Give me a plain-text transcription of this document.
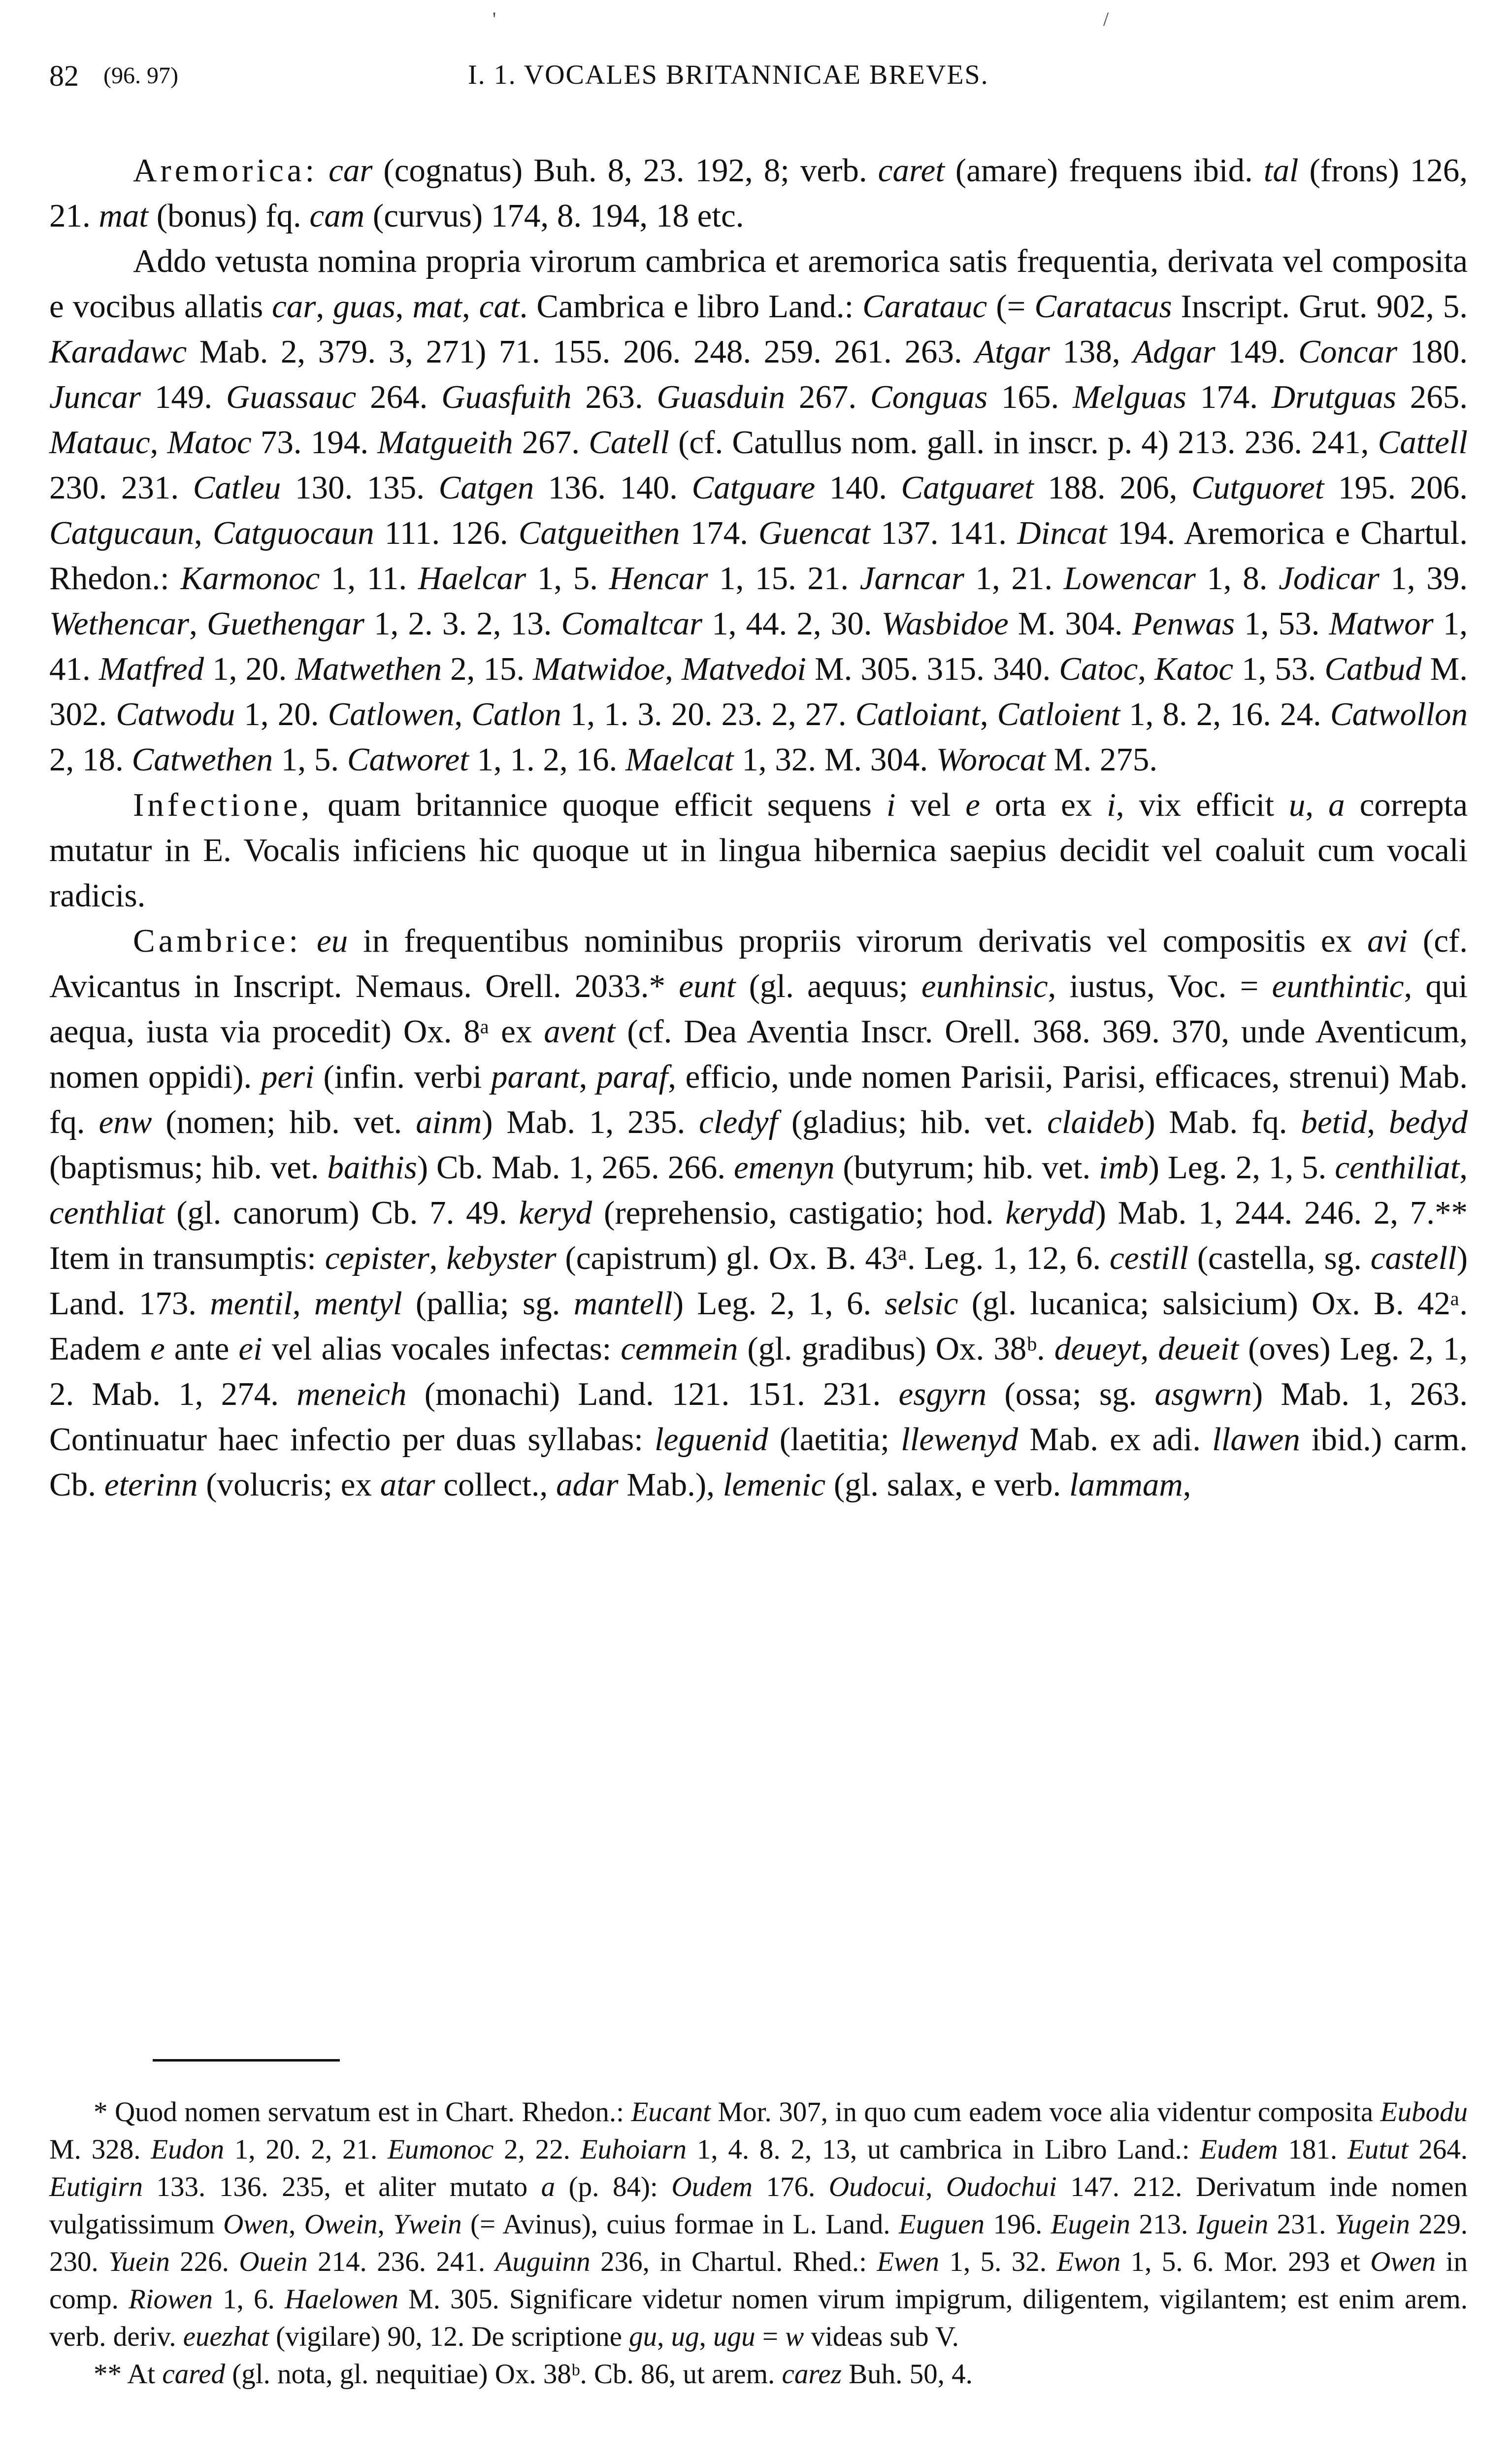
'	/
82 (96. 97)	I. 1. VOCALES BRITANNICAE BREVES.

Aremorica: car (cognatus) Buh. 8, 23. 192, 8; verb. caret (amare) frequens ibid. tal (frons) 126, 21. mat (bonus) fq. cam (curvus) 174, 8. 194, 18 etc.

Addo vetusta nomina propria virorum cambrica et aremorica satis frequentia, derivata vel composita e vocibus allatis car, guas, mat, cat. Cambrica e libro Land.: Caratauc (= Caratacus Inscript. Grut. 902, 5. Karadawc Mab. 2, 379. 3, 271) 71. 155. 206. 248. 259. 261. 263. Atgar 138, Adgar 149. Concar 180. Juncar 149. Guassauc 264. Guasfuith 263. Guasduin 267. Conguas 165. Melguas 174. Drutguas 265. Matauc, Matoc 73. 194. Matgueith 267. Catell (cf. Catullus nom. gall. in inscr. p. 4) 213. 236. 241, Cattell 230. 231. Catleu 130. 135. Catgen 136. 140. Catguare 140. Catguaret 188. 206, Cutguoret 195. 206. Catgucaun, Catguocaun 111. 126. Catgueithen 174. Guencat 137. 141. Dincat 194. Aremorica e Chartul. Rhedon.: Karmonoc 1, 11. Haelcar 1, 5. Hencar 1, 15. 21. Jarncar 1, 21. Lowencar 1, 8. Jodicar 1, 39. Wethencar, Guethengar 1, 2. 3. 2, 13. Comaltcar 1, 44. 2, 30. Wasbidoe M. 304. Penwas 1, 53. Matwor 1, 41. Matfred 1, 20. Matwethen 2, 15. Matwidoe, Matvedoi M. 305. 315. 340. Catoc, Katoc 1, 53. Catbud M. 302. Catwodu 1, 20. Catlowen, Catlon 1, 1. 3. 20. 23. 2, 27. Catloiant, Catloient 1, 8. 2, 16. 24. Catwollon 2, 18. Catwethen 1, 5. Catworet 1, 1. 2, 16. Maelcat 1, 32. M. 304. Worocat M. 275.

Infectione, quam britannice quoque efficit sequens i vel e orta ex i, vix efficit u, a correpta mutatur in E. Vocalis inficiens hic quoque ut in lingua hibernica saepius decidit vel coaluit cum vocali radicis.

Cambrice: eu in frequentibus nominibus propriis virorum derivatis vel compositis ex avi (cf. Avicantus in Inscript. Nemaus. Orell. 2033.* eunt (gl. aequus; eunhinsic, iustus, Voc. = eunthintic, qui aequa, iusta via procedit) Ox. 8ᵃ ex avent (cf. Dea Aventia Inscr. Orell. 368. 369. 370, unde Aventicum, nomen oppidi). peri (infin. verbi parant, paraf, efficio, unde nomen Parisii, Parisi, efficaces, strenui) Mab. fq. enw (nomen; hib. vet. ainm) Mab. 1, 235. cledyf (gladius; hib. vet. claideb) Mab. fq. betid, bedyd (baptismus; hib. vet. baithis) Cb. Mab. 1, 265. 266. emenyn (butyrum; hib. vet. imb) Leg. 2, 1, 5. centhiliat, centhliat (gl. canorum) Cb. 7. 49. keryd (reprehensio, castigatio; hod. kerydd) Mab. 1, 244. 246. 2, 7.** Item in transumptis: cepister, kebyster (capistrum) gl. Ox. B. 43ᵃ. Leg. 1, 12, 6. cestill (castella, sg. castell) Land. 173. mentil, mentyl (pallia; sg. mantell) Leg. 2, 1, 6. selsic (gl. lucanica; salsicium) Ox. B. 42ᵃ. Eadem e ante ei vel alias vocales infectas: cemmein (gl. gradibus) Ox. 38ᵇ. deueyt, deueit (oves) Leg. 2, 1, 2. Mab. 1, 274. meneich (monachi) Land. 121. 151. 231. esgyrn (ossa; sg. asgwrn) Mab. 1, 263. Continuatur haec infectio per duas syllabas: leguenid (laetitia; llewenyd Mab. ex adi. llawen ibid.) carm. Cb. eterinn (volucris; ex atar collect., adar Mab.), lemenic (gl. salax, e verb. lammam,

* Quod nomen servatum est in Chart. Rhedon.: Eucant Mor. 307, in quo cum eadem voce alia videntur composita Eubodu M. 328. Eudon 1, 20. 2, 21. Eumonoc 2, 22. Euhoiarn 1, 4. 8. 2, 13, ut cambrica in Libro Land.: Eudem 181. Eutut 264. Eutigirn 133. 136. 235, et aliter mutato a (p. 84): Oudem 176. Oudocui, Oudochui 147. 212. Derivatum inde nomen vulgatissimum Owen, Owein, Ywein (= Avinus), cuius formae in L. Land. Euguen 196. Eugein 213. Iguein 231. Yugein 229. 230. Yuein 226. Ouein 214. 236. 241. Auguinn 236, in Chartul. Rhed.: Ewen 1, 5. 32. Ewon 1, 5. 6. Mor. 293 et Owen in comp. Riowen 1, 6. Haelowen M. 305. Significare videtur nomen virum impigrum, diligentem, vigilantem; est enim arem. verb. deriv. euezhat (vigilare) 90, 12. De scriptione gu, ug, ugu = w videas sub V.

** At cared (gl. nota, gl. nequitiae) Ox. 38ᵇ. Cb. 86, ut arem. carez Buh. 50, 4.
